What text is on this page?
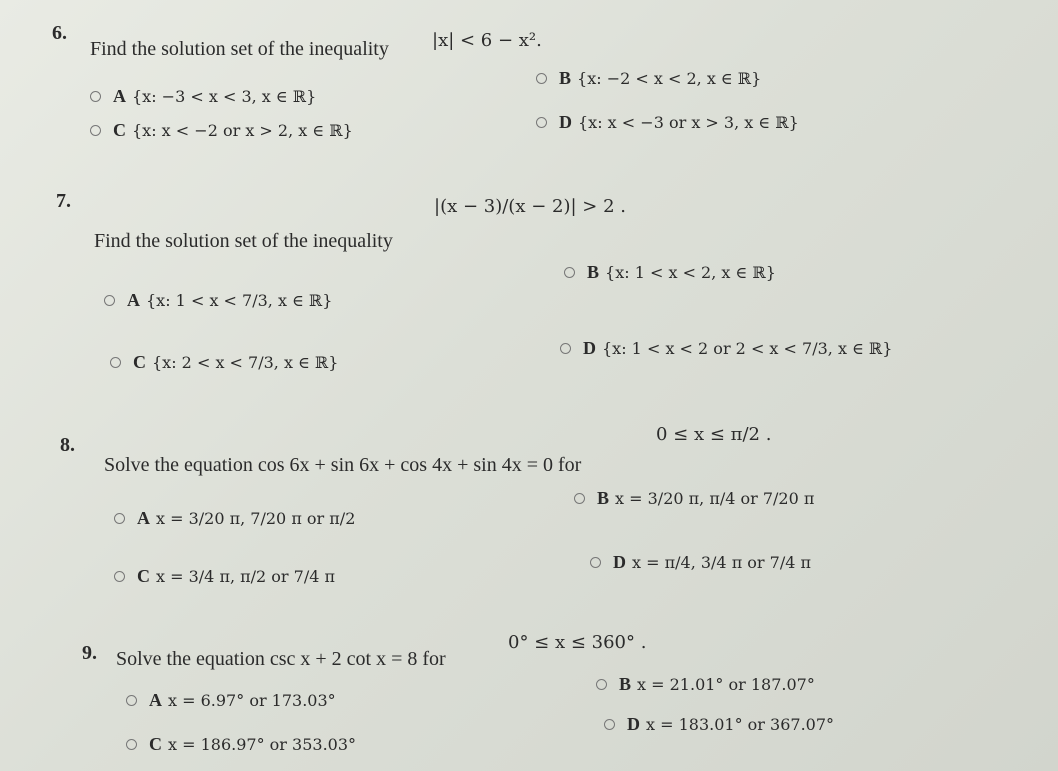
6.
Find the solution set of the inequality |x| < 6 − x².
A {x: −3 < x < 3, x ∈ ℝ}
B {x: −2 < x < 2, x ∈ ℝ}
C {x: x < −2 or x > 2, x ∈ ℝ}	D {x: x < −3 or x > 3, x ∈ ℝ}
7.
Find the solution set of the inequality
|(x − 3)/(x − 2)| > 2 .
A {x: 1 < x < 7/3, x ∈ ℝ}
B {x: 1 < x < 2, x ∈ ℝ}
C {x: 2 < x < 7/3, x ∈ ℝ}
D {x: 1 < x < 2 or 2 < x < 7/3, x ∈ ℝ}
8.
Solve the equation cos 6x + sin 6x + cos 4x + sin 4x = 0 for
0 ≤ x ≤ π/2 .
A x = 3/20 π, 7/20 π or π/2
B x = 3/20 π, π/4 or 7/20 π
C x = 3/4 π, π/2 or 7/4 π
D x = π/4, 3/4 π or 7/4 π
9. Solve the equation csc x + 2 cot x = 8 for
0° ≤ x ≤ 360° .
A x = 6.97° or 173.03°
B x = 21.01° or 187.07°
C x = 186.97° or 353.03°
D x = 183.01° or 367.07°
